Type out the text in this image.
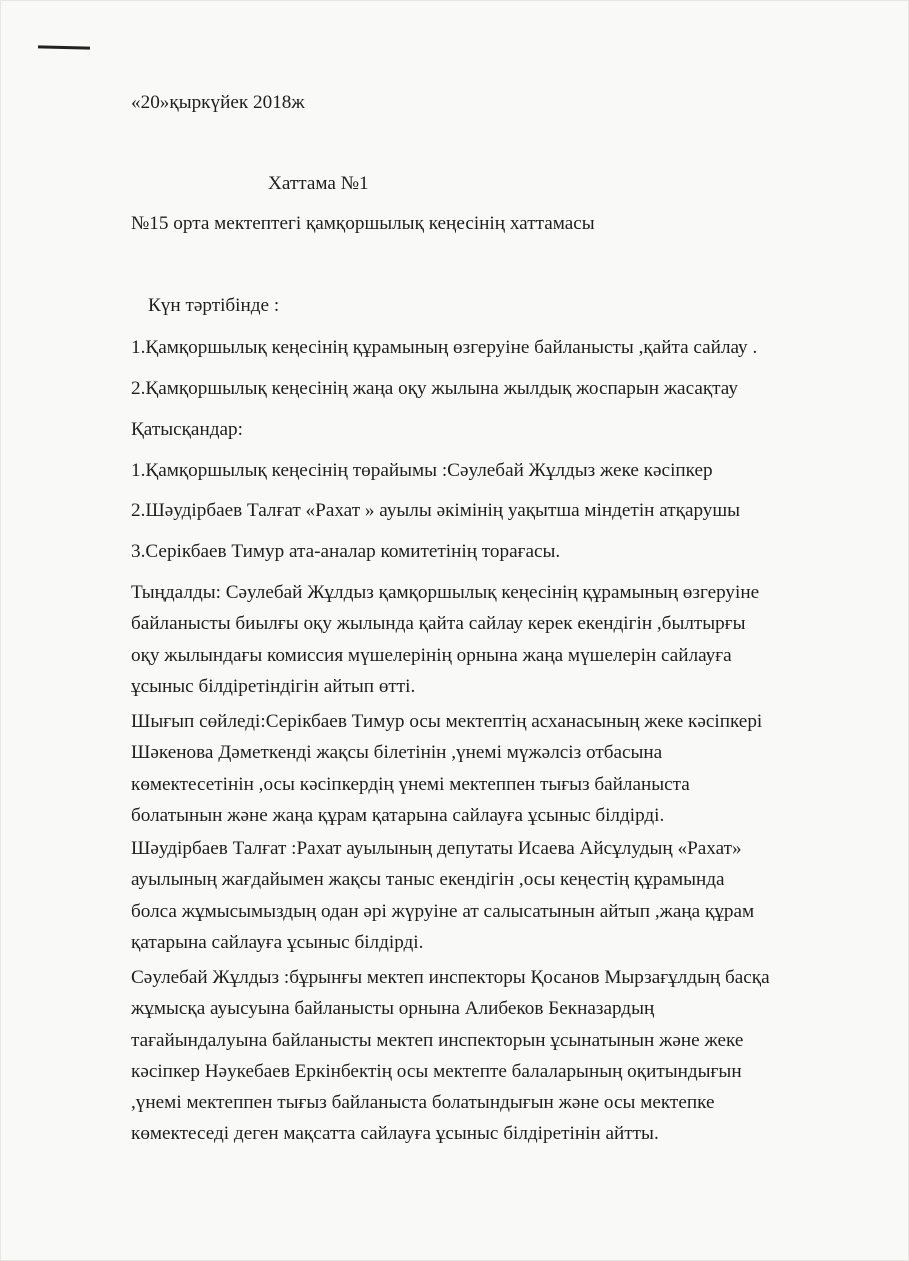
«20»қыркүйек 2018ж
Хаттама №1
№15 орта мектептегі қамқоршылық кеңесінің хаттамасы
Күн тәртібінде :
1.Қамқоршылық кеңесінің құрамының өзгеруіне байланысты ,қайта сайлау .
2.Қамқоршылық кеңесінің жаңа оқу жылына жылдық жоспарын жасақтау
Қатысқандар:
1.Қамқоршылық кеңесінің төрайымы :Сәулебай Жұлдыз жеке кәсіпкер
2.Шәудірбаев Талғат «Рахат » ауылы әкімінің уақытша міндетін атқарушы
3.Серікбаев Тимур ата-аналар комитетінің торағасы.
Тыңдалды: Сәулебай Жұлдыз қамқоршылық кеңесінің құрамының өзгеруіне
байланысты биылғы оқу жылында қайта сайлау керек екендігін ,былтырғы
оқу жылындағы комиссия мүшелерінің орнына жаңа мүшелерін сайлауға
ұсыныс білдіретіндігін айтып өтті.
Шығып сөйледі:Серікбаев Тимур осы мектептің асханасының жеке кәсіпкері
Шәкенова Дәметкенді жақсы білетінін ,үнемі мүжәлсіз отбасына
көмектесетінін ,осы кәсіпкердің үнемі мектеппен тығыз байланыста
болатынын және жаңа құрам қатарына сайлауға ұсыныс білдірді.
Шәудірбаев Талғат :Рахат ауылының депутаты Исаева Айсұлудың «Рахат»
ауылының жағдайымен жақсы таныс екендігін ,осы кеңестің құрамында
болса жұмысымыздың одан әрі жүруіне ат салысатынын айтып ,жаңа құрам
қатарына сайлауға ұсыныс білдірді.
Сәулебай Жұлдыз :бұрынғы мектеп инспекторы Қосанов Мырзағұлдың басқа
жұмысқа ауысуына байланысты орнына Алибеков Бекназардың
тағайындалуына байланысты мектеп инспекторын ұсынатынын және жеке
кәсіпкер Нәукебаев Еркінбектің осы мектепте балаларының оқитындығын
,үнемі мектеппен тығыз байланыста болатындығын және осы мектепке
көмектеседі деген мақсатта сайлауға ұсыныс білдіретінін айтты.
